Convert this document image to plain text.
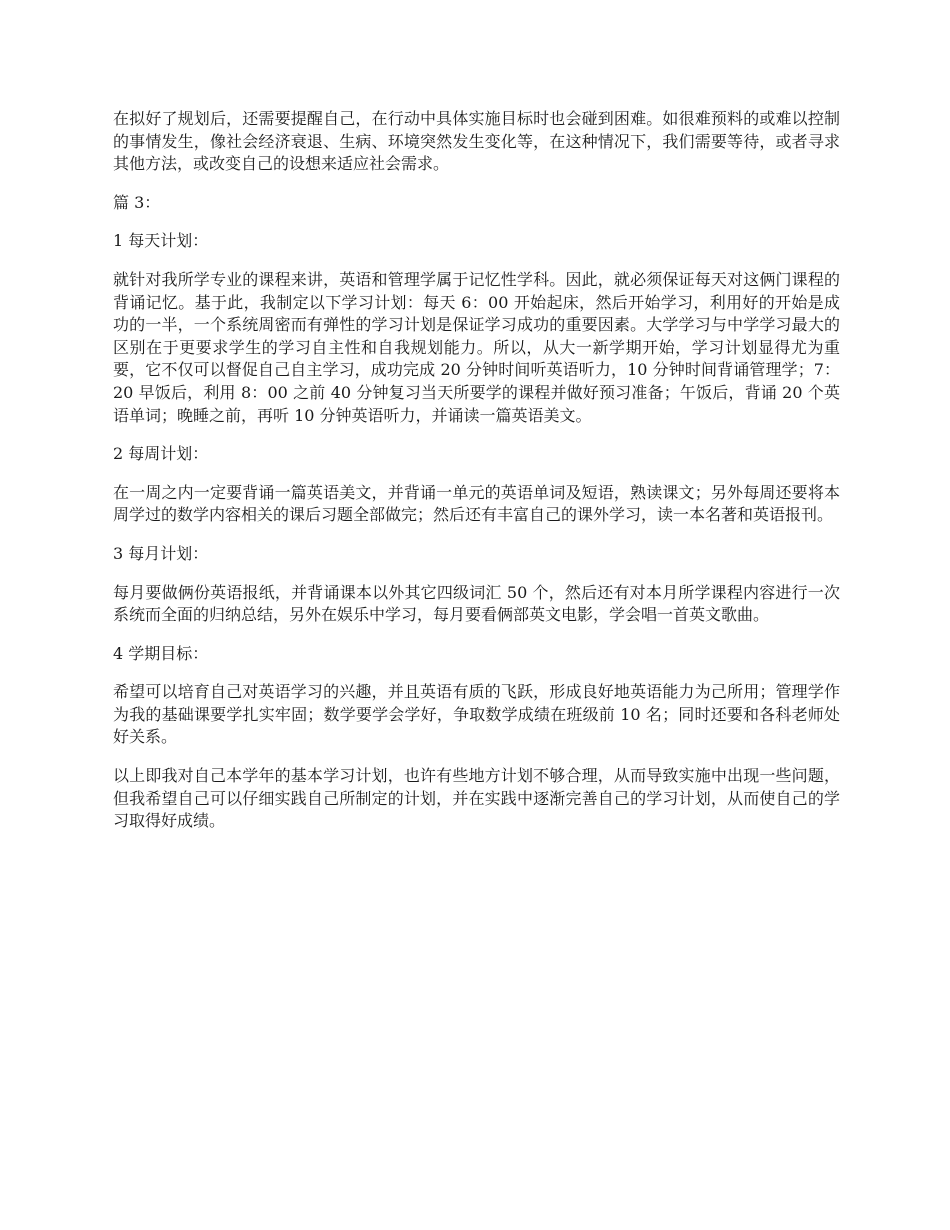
在拟好了规划后，还需要提醒自己，在行动中具体实施目标时也会碰到困难。如很难预料的或难以控制的事情发生，像社会经济衰退、生病、环境突然发生变化等，在这种情况下，我们需要等待，或者寻求其他方法，或改变自己的设想来适应社会需求。

篇 3：

1 每天计划：

就针对我所学专业的课程来讲，英语和管理学属于记忆性学科。因此，就必须保证每天对这俩门课程的背诵记忆。基于此，我制定以下学习计划：每天 6：00 开始起床，然后开始学习，利用好的开始是成功的一半，一个系统周密而有弹性的学习计划是保证学习成功的重要因素。大学学习与中学学习最大的区别在于更要求学生的学习自主性和自我规划能力。所以，从大一新学期开始，学习计划显得尤为重要，它不仅可以督促自己自主学习，成功完成 20 分钟时间听英语听力，10 分钟时间背诵管理学；7：20 早饭后，利用 8：00 之前 40 分钟复习当天所要学的课程并做好预习准备；午饭后，背诵 20 个英语单词；晚睡之前，再听 10 分钟英语听力，并诵读一篇英语美文。

2 每周计划：

在一周之内一定要背诵一篇英语美文，并背诵一单元的英语单词及短语，熟读课文；另外每周还要将本周学过的数学内容相关的课后习题全部做完；然后还有丰富自己的课外学习，读一本名著和英语报刊。

3 每月计划：

每月要做俩份英语报纸，并背诵课本以外其它四级词汇 50 个，然后还有对本月所学课程内容进行一次系统而全面的归纳总结，另外在娱乐中学习，每月要看俩部英文电影，学会唱一首英文歌曲。

4 学期目标：

希望可以培育自己对英语学习的兴趣，并且英语有质的飞跃，形成良好地英语能力为己所用；管理学作为我的基础课要学扎实牢固；数学要学会学好，争取数学成绩在班级前 10 名；同时还要和各科老师处好关系。

以上即我对自己本学年的基本学习计划，也许有些地方计划不够合理，从而导致实施中出现一些问题，但我希望自己可以仔细实践自己所制定的计划，并在实践中逐渐完善自己的学习计划，从而使自己的学习取得好成绩。
